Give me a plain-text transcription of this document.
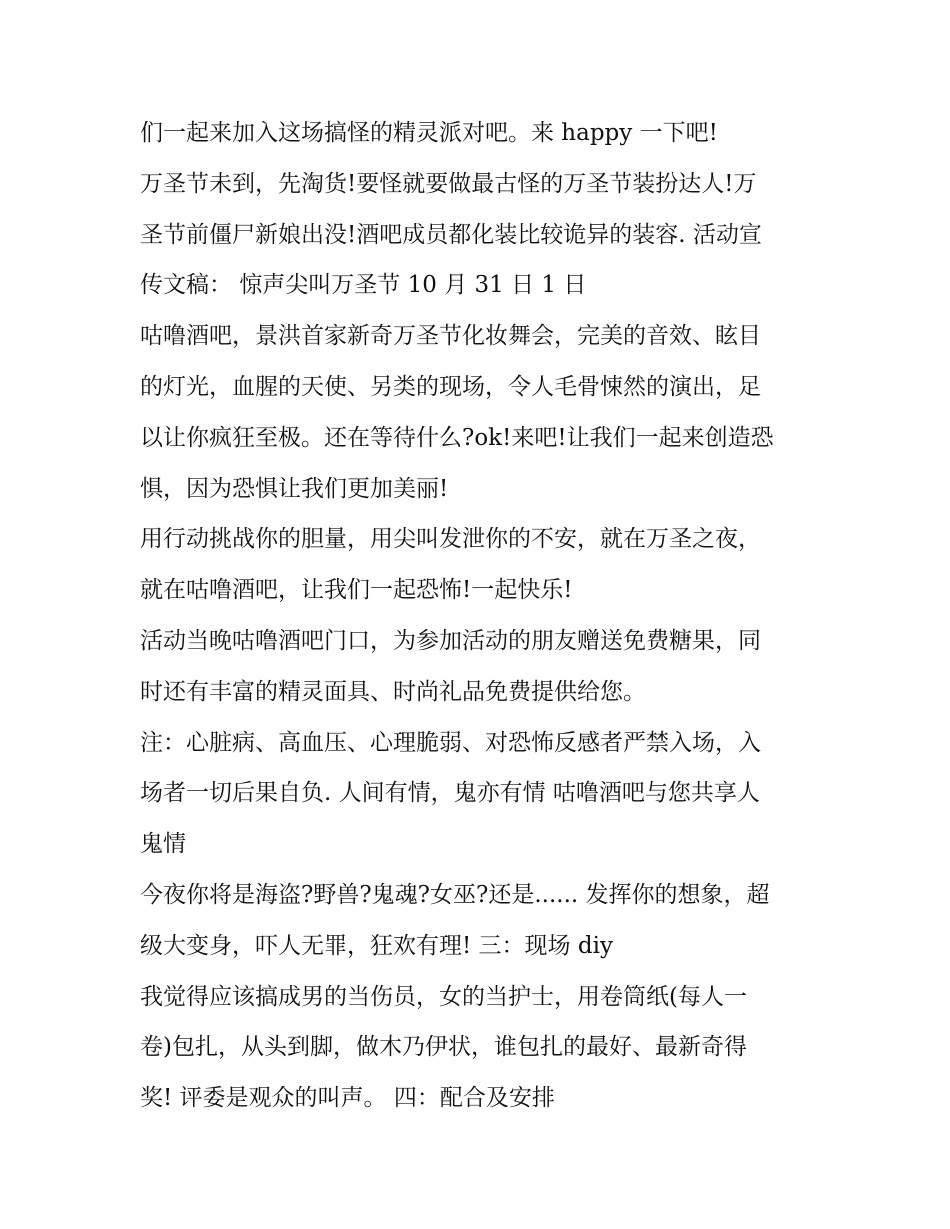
们一起来加入这场搞怪的精灵派对吧。来 happy 一下吧!
万圣节未到，先淘货!要怪就要做最古怪的万圣节装扮达人!万
圣节前僵尸新娘出没!酒吧成员都化装比较诡异的装容. 活动宣
传文稿： 惊声尖叫万圣节 10 月 31 日 1 日
咕噜酒吧，景洪首家新奇万圣节化妆舞会，完美的音效、眩目
的灯光，血腥的天使、另类的现场，令人毛骨悚然的演出，足
以让你疯狂至极。还在等待什么?ok!来吧!让我们一起来创造恐
惧，因为恐惧让我们更加美丽!
用行动挑战你的胆量，用尖叫发泄你的不安，就在万圣之夜，
就在咕噜酒吧，让我们一起恐怖!一起快乐!
活动当晚咕噜酒吧门口，为参加活动的朋友赠送免费糖果，同
时还有丰富的精灵面具、时尚礼品免费提供给您。
注：心脏病、高血压、心理脆弱、对恐怖反感者严禁入场，入
场者一切后果自负. 人间有情，鬼亦有情 咕噜酒吧与您共享人
鬼情
今夜你将是海盗?野兽?鬼魂?女巫?还是...... 发挥你的想象，超
级大变身，吓人无罪，狂欢有理! 三：现场 diy
我觉得应该搞成男的当伤员，女的当护士，用卷筒纸(每人一
卷)包扎，从头到脚，做木乃伊状，谁包扎的最好、最新奇得
奖! 评委是观众的叫声。 四：配合及安排
